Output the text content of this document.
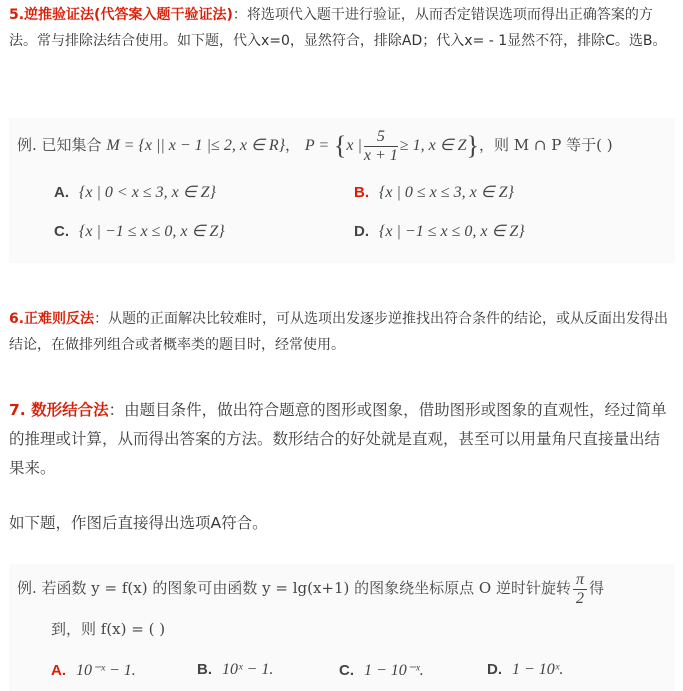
5.逆推验证法(代答案入题干验证法)：将选项代入题干进行验证，从而否定错误选项而得出正确答案的方法。常与排除法结合使用。如下题，代入x=0，显然符合，排除AD；代入x= - 1显然不符，排除C。选B。
例. 已知集合 M = {x || x − 1 |≤ 2, x ∈ R}， P = {x | $\frac{5}{x + 1} \ge 1$, x ∈ Z}，则 M ∩ P 等于( )
A. {x | 0 < x ≤ 3, x ∈ Z}	B. {x | 0 ≤ x ≤ 3, x ∈ Z}
C. {x | −1 ≤ x ≤ 0, x ∈ Z}	D. {x | −1 ≤ x ≤ 0, x ∈ Z}
6.正难则反法：从题的正面解决比较难时，可从选项出发逐步逆推找出符合条件的结论，或从反面出发得出结论，在做排列组合或者概率类的题目时，经常使用。
7. 数形结合法：由题目条件，做出符合题意的图形或图象，借助图形或图象的直观性，经过简单的推理或计算，从而得出答案的方法。数形结合的好处就是直观，甚至可以用量角尺直接量出结果来。
如下题，作图后直接得出选项A符合。
例. 若函数 y = f(x) 的图象可由函数 y = lg(x+1) 的图象绕坐标原点 O 逆时针旋转 $\frac{\pi}{2}$ 得
到，则 f(x) = ( )
A. 10⁻ˣ − 1.	B. 10ˣ − 1.	C. 1 − 10⁻ˣ.	D. 1 − 10ˣ.
